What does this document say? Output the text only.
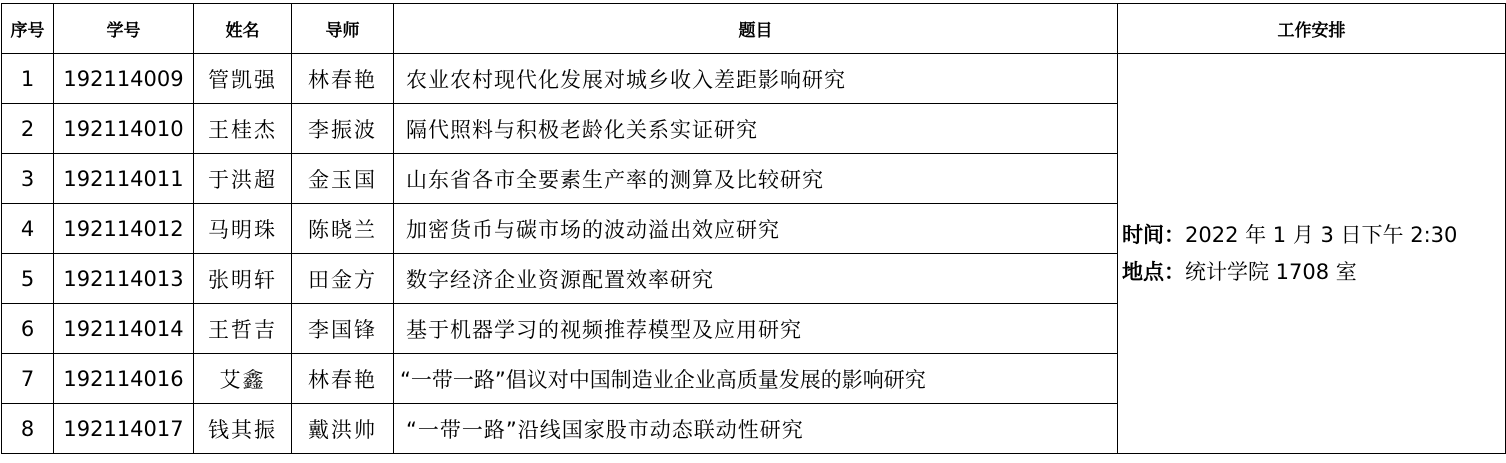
序号	学号	姓名	导师	题目	工作安排
1	192114009	管凯强	林春艳	农业农村现代化发展对城乡收入差距影响研究	时间：2022 年 1 月 3 日下午 2:30
地点：统计学院 1708 室

2	192114010	王桂杰	李振波	隔代照料与积极老龄化关系实证研究	
3	192114011	于洪超	金玉国	山东省各市全要素生产率的测算及比较研究	
4	192114012	马明珠	陈晓兰	加密货币与碳市场的波动溢出效应研究	
5	192114013	张明轩	田金方	数字经济企业资源配置效率研究	
6	192114014	王哲吉	李国锋	基于机器学习的视频推荐模型及应用研究	
7	192114016	艾鑫	林春艳	“一带一路”倡议对中国制造业企业高质量发展的影响研究	
8	192114017	钱其振	戴洪帅	“一带一路”沿线国家股市动态联动性研究	
